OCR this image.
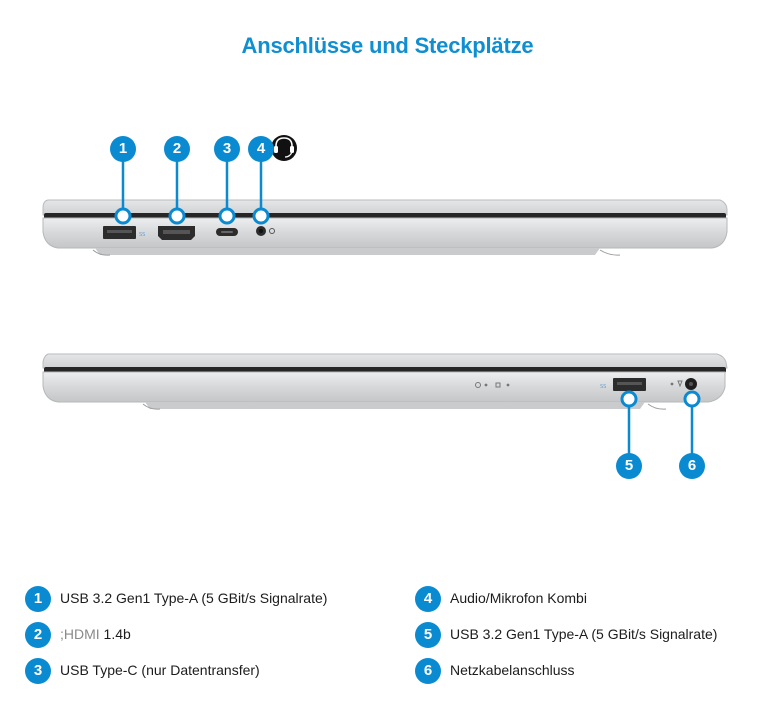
Anschlüsse und Steckplätze
SS
SS
1	2	3	4
5	6
1	USB 3.2 Gen1 Type-A (5 GBit/s Signalrate)
2	;HDMI 1.4b
3	USB Type-C (nur Datentransfer)
4	Audio/Mikrofon Kombi
5	USB 3.2 Gen1 Type-A (5 GBit/s Signalrate)
6	Netzkabelanschluss
